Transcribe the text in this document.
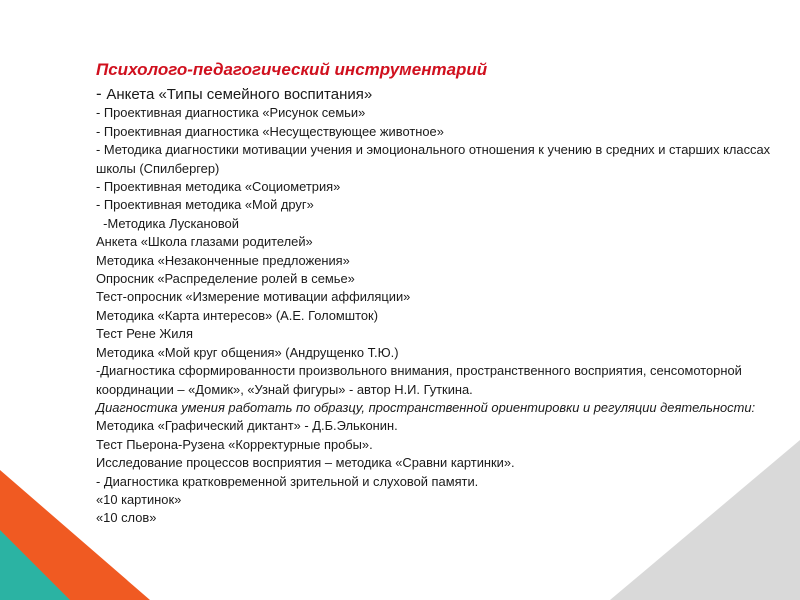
Психолого-педагогический инструментарий
- Анкета «Типы семейного воспитания»
- Проективная диагностика «Рисунок семьи»
- Проективная диагностика «Несуществующее животное»
- Методика диагностики мотивации учения и эмоционального отношения к учению в средних и старших классах школы (Спилбергер)
- Проективная методика «Социометрия»
- Проективная методика «Мой друг»
-Методика Лускановой
Анкета «Школа глазами родителей»
Методика «Незаконченные предложения»
Опросник «Распределение ролей в семье»
Тест-опросник «Измерение мотивации аффиляции»
Методика «Карта интересов» (А.Е. Голомшток)
Тест Рене Жиля
Методика «Мой круг общения» (Андрущенко Т.Ю.)
-Диагностика сформированности произвольного внимания, пространственного восприятия, сенсомоторной координации – «Домик», «Узнай фигуры» - автор Н.И. Гуткина.
Диагностика умения работать по образцу, пространственной ориентировки и регуляции деятельности:
Методика «Графический диктант» - Д.Б.Эльконин.
Тест Пьерона-Рузена «Корректурные пробы».
Исследование процессов восприятия – методика «Сравни картинки».
- Диагностика кратковременной зрительной и слуховой памяти.
«10 картинок»
«10 слов»
